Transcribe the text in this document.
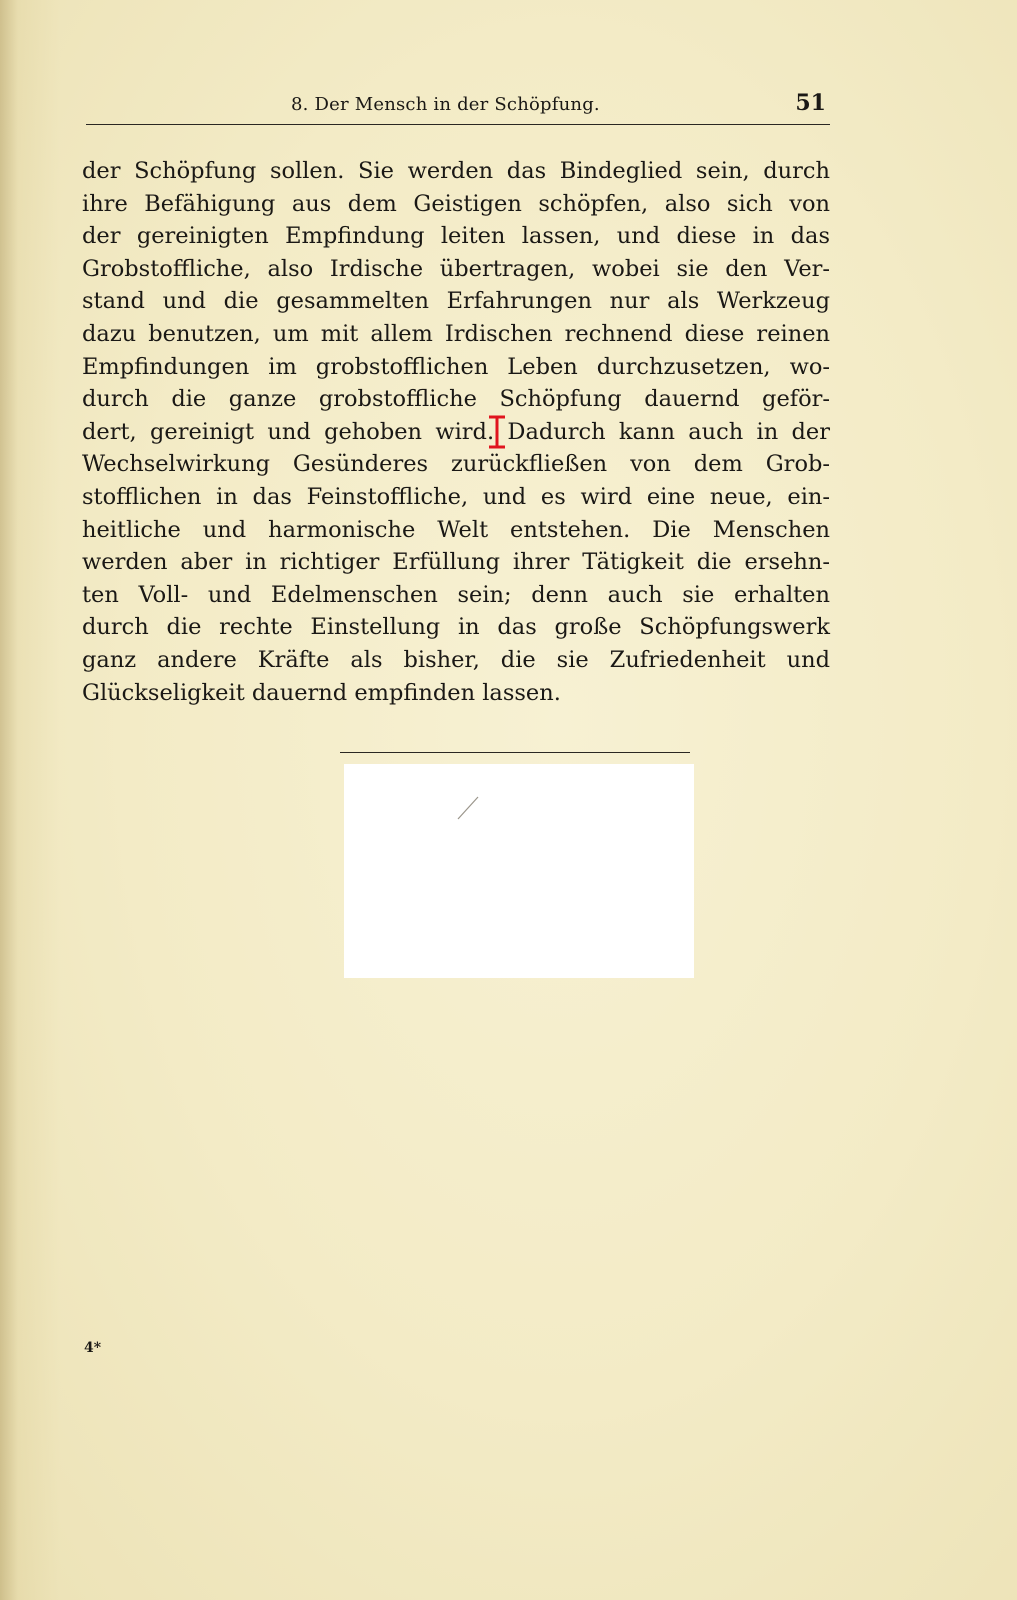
8. Der Mensch in der Schöpfung.	51
der Schöpfung sollen. Sie werden das Bindeglied sein, durch
ihre Befähigung aus dem Geistigen schöpfen, also sich von
der gereinigten Empfindung leiten lassen, und diese in das
Grobstoffliche, also Irdische übertragen, wobei sie den Ver-
stand und die gesammelten Erfahrungen nur als Werkzeug
dazu benutzen, um mit allem Irdischen rechnend diese reinen
Empfindungen im grobstofflichen Leben durchzusetzen, wo-
durch die ganze grobstoffliche Schöpfung dauernd geför-
dert, gereinigt und gehoben wird. Dadurch kann auch in der
Wechselwirkung Gesünderes zurückfließen von dem Grob-
stofflichen in das Feinstoffliche, und es wird eine neue, ein-
heitliche und harmonische Welt entstehen. Die Menschen
werden aber in richtiger Erfüllung ihrer Tätigkeit die ersehn-
ten Voll- und Edelmenschen sein; denn auch sie erhalten
durch die rechte Einstellung in das große Schöpfungswerk
ganz andere Kräfte als bisher, die sie Zufriedenheit und
Glückseligkeit dauernd empfinden lassen.
4*
